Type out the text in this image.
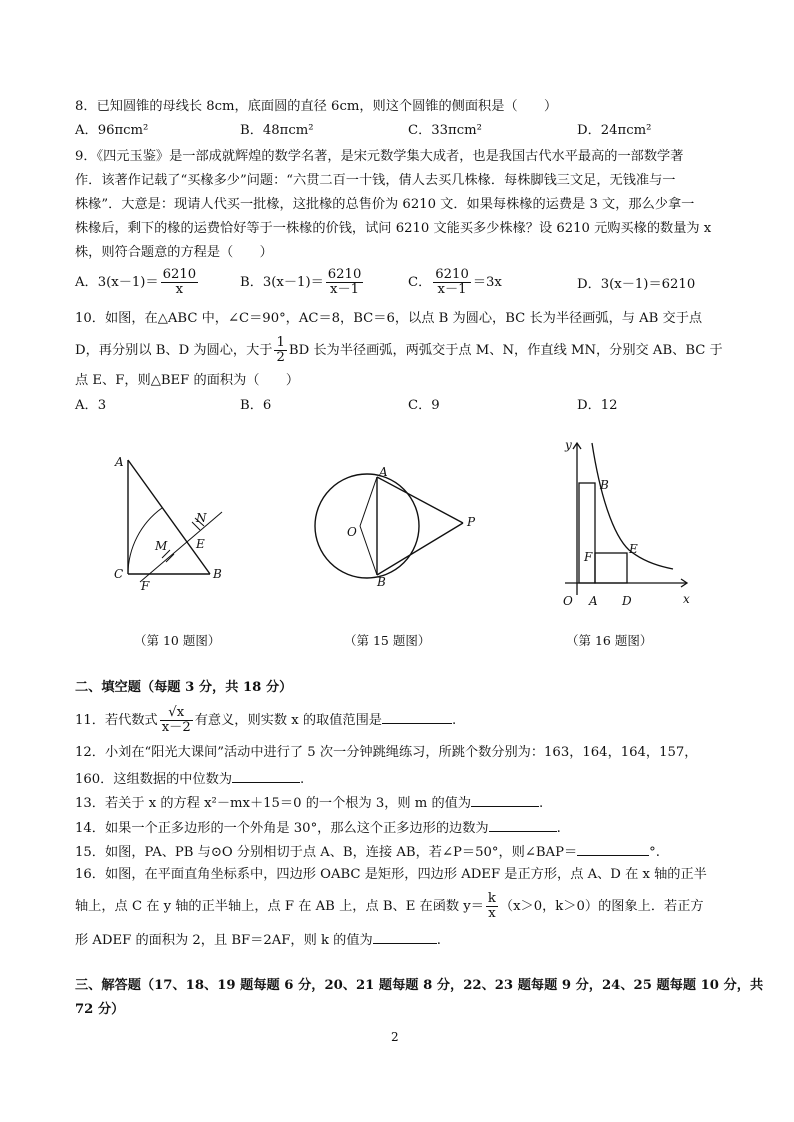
8．已知圆锥的母线长 8cm，底面圆的直径 6cm，则这个圆锥的侧面积是（　　）
A．96πcm²	B．48πcm²	C．33πcm²	D．24πcm²
9．《四元玉鉴》是一部成就辉煌的数学名著，是宋元数学集大成者，也是我国古代水平最高的一部数学著
作．该著作记载了“买椽多少”问题：“六贯二百一十钱，倩人去买几株椽．每株脚钱三文足，无钱准与一
株椽”．大意是：现请人代买一批椽，这批椽的总售价为 6210 文．如果每株椽的运费是 3 文，那么少拿一
株椽后，剩下的椽的运费恰好等于一株椽的价钱，试问 6210 文能买多少株椽？设 6210 元购买椽的数量为 x
株，则符合题意的方程是（　　）
A．$3(x-1)= \frac{6210}{x}$	B．$3(x-1)= \frac{6210}{x-1}$	C． $\frac{6210}{x-1} =3x$	D．3(x－1)＝6210
10．如图，在△ABC 中，∠C＝90°，AC＝8，BC＝6，以点 B 为圆心，BC 长为半径画弧，与 AB 交于点
D，再分别以 B、D 为圆心，大于 $\frac{1}{2}$ BD 长为半径画弧，两弧交于点 M、N，作直线 MN，分别交 AB、BC 于
点 E、F，则△BEF 的面积为（　　）
A．3	B．6	C．9	D．12
A
C	B
N
E
M
F
A
B
O
P
y
x
O A D
B
F
E
（第 10 题图）	（第 15 题图）	（第 16 题图）
二、填空题（每题 3 分，共 18 分）
11．若代数式 $\frac{√x}{x-2}$ 有意义，则实数 x 的取值范围是	.
12．小刘在“阳光大课间”活动中进行了 5 次一分钟跳绳练习，所跳个数分别为：163，164，164，157，
160．这组数据的中位数为	.
13．若关于 x 的方程 x²－mx＋15＝0 的一个根为 3，则 m 的值为	.
14．如果一个正多边形的一个外角是 30°，那么这个正多边形的边数为	.
15．如图，PA、PB 与⊙O 分别相切于点 A、B，连接 AB，若∠P＝50°，则∠BAP＝	°.
16．如图，在平面直角坐标系中，四边形 OABC 是矩形，四边形 ADEF 是正方形，点 A、D 在 x 轴的正半
轴上，点 C 在 y 轴的正半轴上，点 F 在 AB 上，点 B、E 在函数 $y= \frac{k}{x} (x>0$，k＞0）的图象上．若正方
形 ADEF 的面积为 2，且 BF＝2AF，则 k 的值为	.
三、解答题（17、18、19 题每题 6 分，20、21 题每题 8 分，22、23 题每题 9 分，24、25 题每题 10 分，共
72 分）
2
